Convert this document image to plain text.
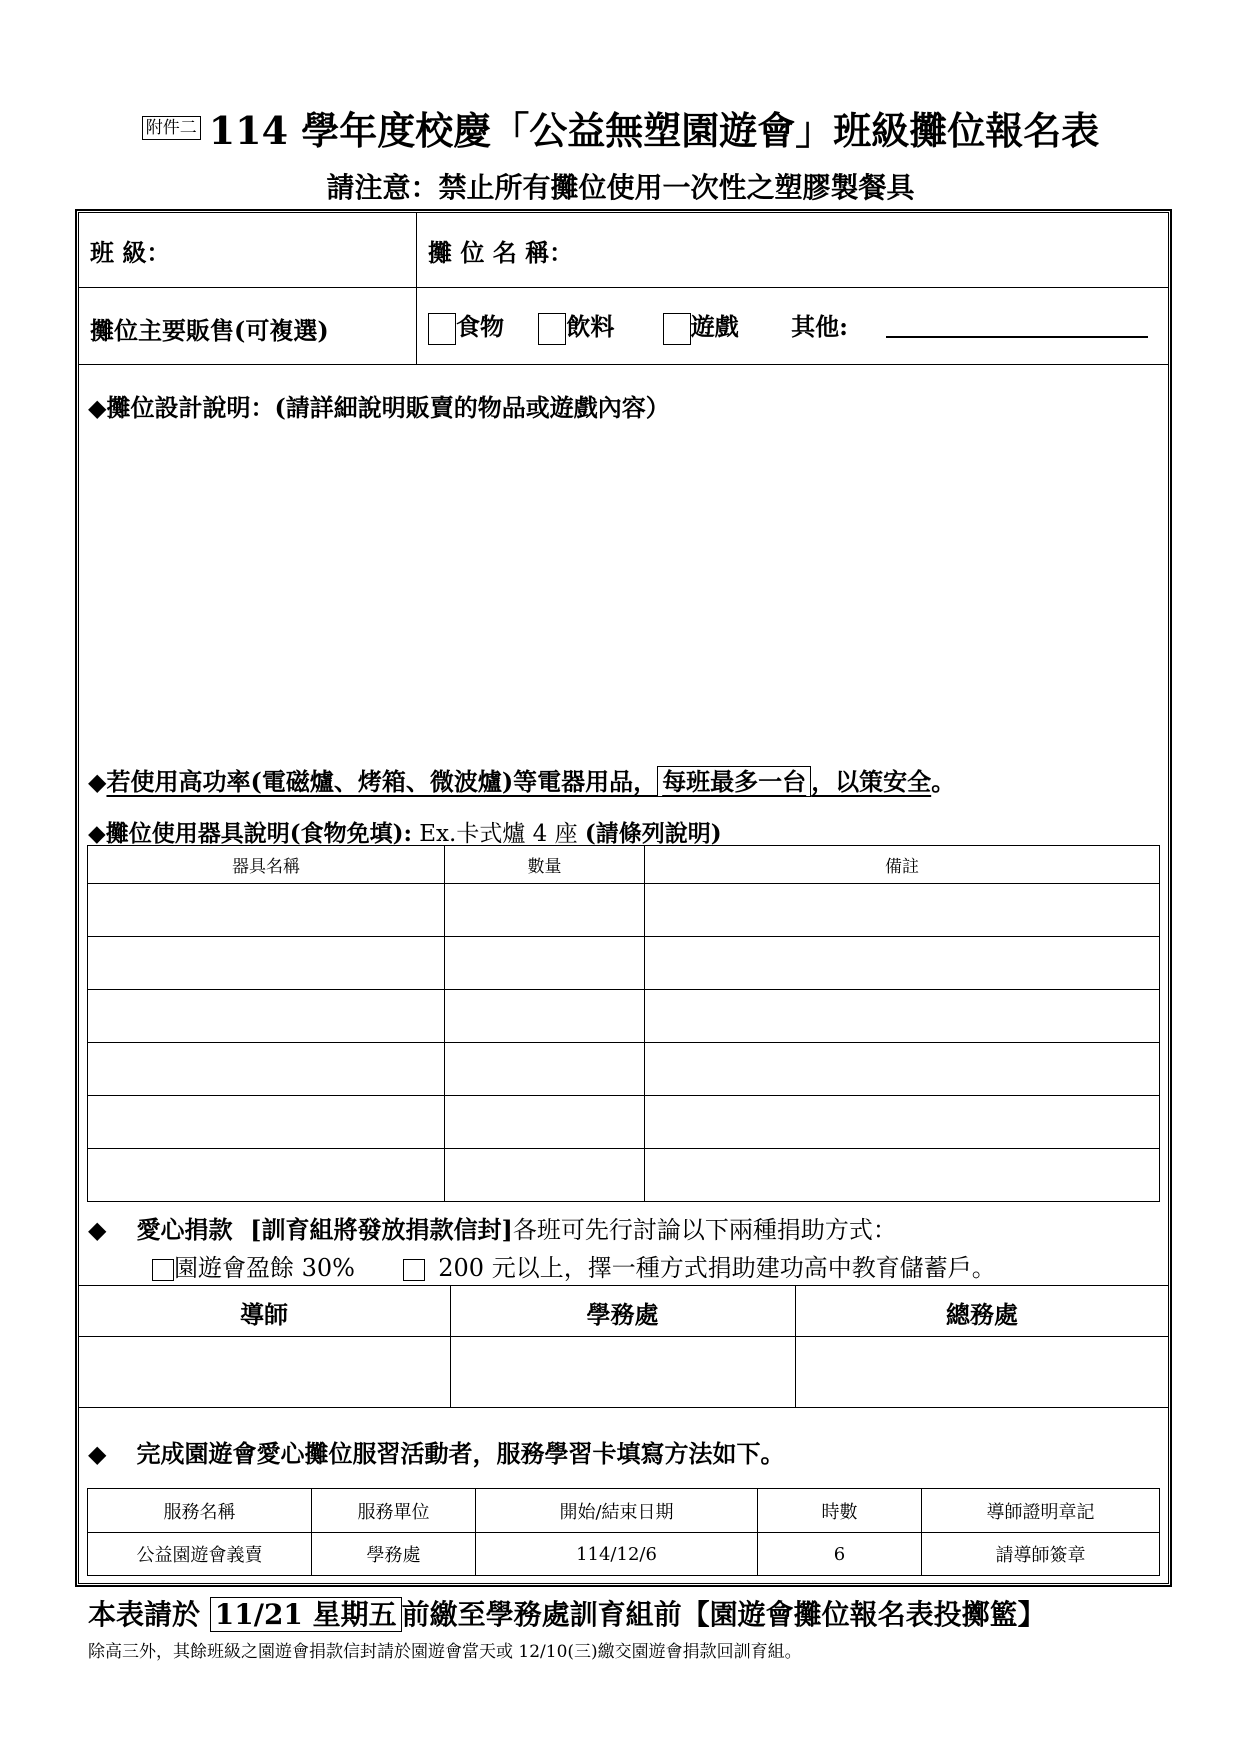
附件二 114 學年度校慶「公益無塑園遊會」班級攤位報名表
請注意：禁止所有攤位使用一次性之塑膠製餐具
班 級：	攤 位 名 稱：
攤位主要販售(可複選)	食物	飲料	遊戲 其他:
◆攤位設計說明：(請詳細說明販賣的物品或遊戲內容）
◆若使用高功率(電磁爐、烤箱、微波爐)等電器用品， 每班最多一台 ，以策安全。
◆攤位使用器具說明(食物免填): Ex.卡式爐 4 座 (請條列說明)
器具名稱	數量	備註

◆ 愛心捐款 [訓育組將發放捐款信封]各班可先行討論以下兩種捐助方式：
園遊會盈餘 30%	200 元以上，擇一種方式捐助建功高中教育儲蓄戶。
導師	學務處	總務處
◆ 完成園遊會愛心攤位服習活動者，服務學習卡填寫方法如下。
服務名稱	服務單位	開始/結束日期	時數	導師證明章記
公益園遊會義賣	學務處	114/12/6	6	請導師簽章
本表請於 11/21 星期五 前繳至學務處訓育組前【園遊會攤位報名表投擲籃】
除高三外，其餘班級之園遊會捐款信封請於園遊會當天或 12/10(三)繳交園遊會捐款回訓育組。
